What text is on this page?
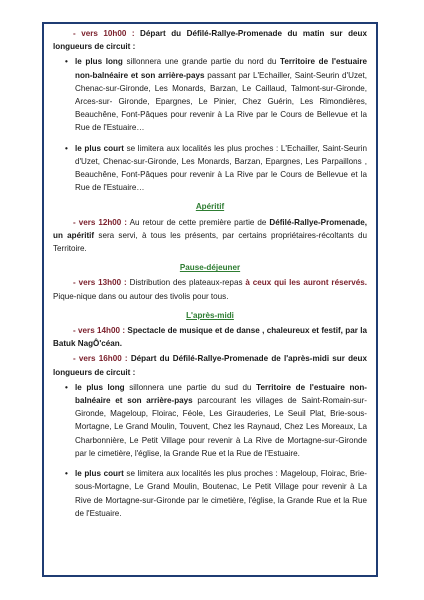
- vers 10h00 : Départ du Défilé-Rallye-Promenade du matin sur deux longueurs de circuit :

• le plus long sillonnera une grande partie du nord du Territoire de l'estuaire non-balnéaire et son arrière-pays passant par L'Echailler, Saint-Seurin d'Uzet, Chenac-sur-Gironde, Les Monards, Barzan, Le Caillaud, Talmont-sur-Gironde, Arces-sur- Gironde, Epargnes, Le Pinier, Chez Guérin, Les Rimondières, Beauchêne, Font-Pâques pour revenir à La Rive par le Cours de Bellevue et la Rue de l'Estuaire…

• le plus court se limitera aux localités les plus proches : L'Echailler, Saint-Seurin d'Uzet, Chenac-sur-Gironde, Les Monards, Barzan, Epargnes, Les Parpaillons , Beauchêne, Font-Pâques pour revenir à La Rive par le Cours de Bellevue et la Rue de l'Estuaire…

Apéritif

- vers 12h00 : Au retour de cette première partie de Défilé-Rallye-Promenade, un apéritif sera servi, à tous les présents, par certains propriétaires-récoltants du Territoire.

Pause-déjeuner

- vers 13h00 : Distribution des plateaux-repas à ceux qui les auront réservés. Pique-nique dans ou autour des tivolis pour tous.

L'après-midi

- vers 14h00 : Spectacle de musique et de danse , chaleureux et festif, par la Batuk NagÔ'céan.

- vers 16h00 : Départ du Défilé-Rallye-Promenade de l'après-midi sur deux longueurs de circuit :

• le plus long sillonnera une partie du sud du Territoire de l'estuaire non-balnéaire et son arrière-pays parcourant les villages de Saint-Romain-sur-Gironde, Mageloup, Floirac, Féole, Les Girauderies, Le Seuil Plat, Brie-sous-Mortagne, Le Grand Moulin, Touvent, Chez les Raynaud, Chez Les Moreaux, La Charbonnière, Le Petit Village pour revenir à La Rive de Mortagne-sur-Gironde par le cimetière, l'église, la Grande Rue et la Rue de l'Estuaire.

• le plus court se limitera aux localités les plus proches : Mageloup, Floirac, Brie-sous-Mortagne, Le Grand Moulin, Boutenac, Le Petit Village pour revenir à La Rive de Mortagne-sur-Gironde par le cimetière, l'église, la Grande Rue et la Rue de l'Estuaire.
